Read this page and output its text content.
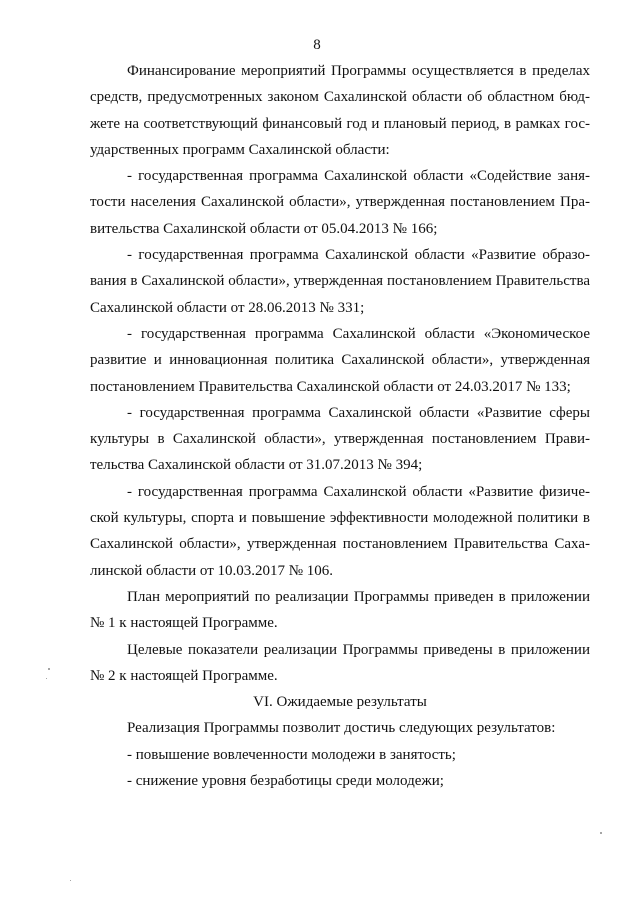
8

Финансирование мероприятий Программы осуществляется в пределах средств, предусмотренных законом Сахалинской области об областном бюджете на соответствующий финансовый год и плановый период, в рамках государственных программ Сахалинской области:

- государственная программа Сахалинской области «Содействие занятости населения Сахалинской области», утвержденная постановлением Правительства Сахалинской области от 05.04.2013 № 166;

- государственная программа Сахалинской области «Развитие образования в Сахалинской области», утвержденная постановлением Правительства Сахалинской области от 28.06.2013 № 331;

- государственная программа Сахалинской области «Экономическое развитие и инновационная политика Сахалинской области», утвержденная постановлением Правительства Сахалинской области от 24.03.2017 № 133;

- государственная программа Сахалинской области «Развитие сферы культуры в Сахалинской области», утвержденная постановлением Правительства Сахалинской области от 31.07.2013 № 394;

- государственная программа Сахалинской области «Развитие физической культуры, спорта и повышение эффективности молодежной политики в Сахалинской области», утвержденная постановлением Правительства Сахалинской области от 10.03.2017 № 106.

План мероприятий по реализации Программы приведен в приложении № 1 к настоящей Программе.

Целевые показатели реализации Программы приведены в приложении № 2 к настоящей Программе.

VI. Ожидаемые результаты

Реализация Программы позволит достичь следующих результатов:

- повышение вовлеченности молодежи в занятость;

- снижение уровня безработицы среди молодежи;
